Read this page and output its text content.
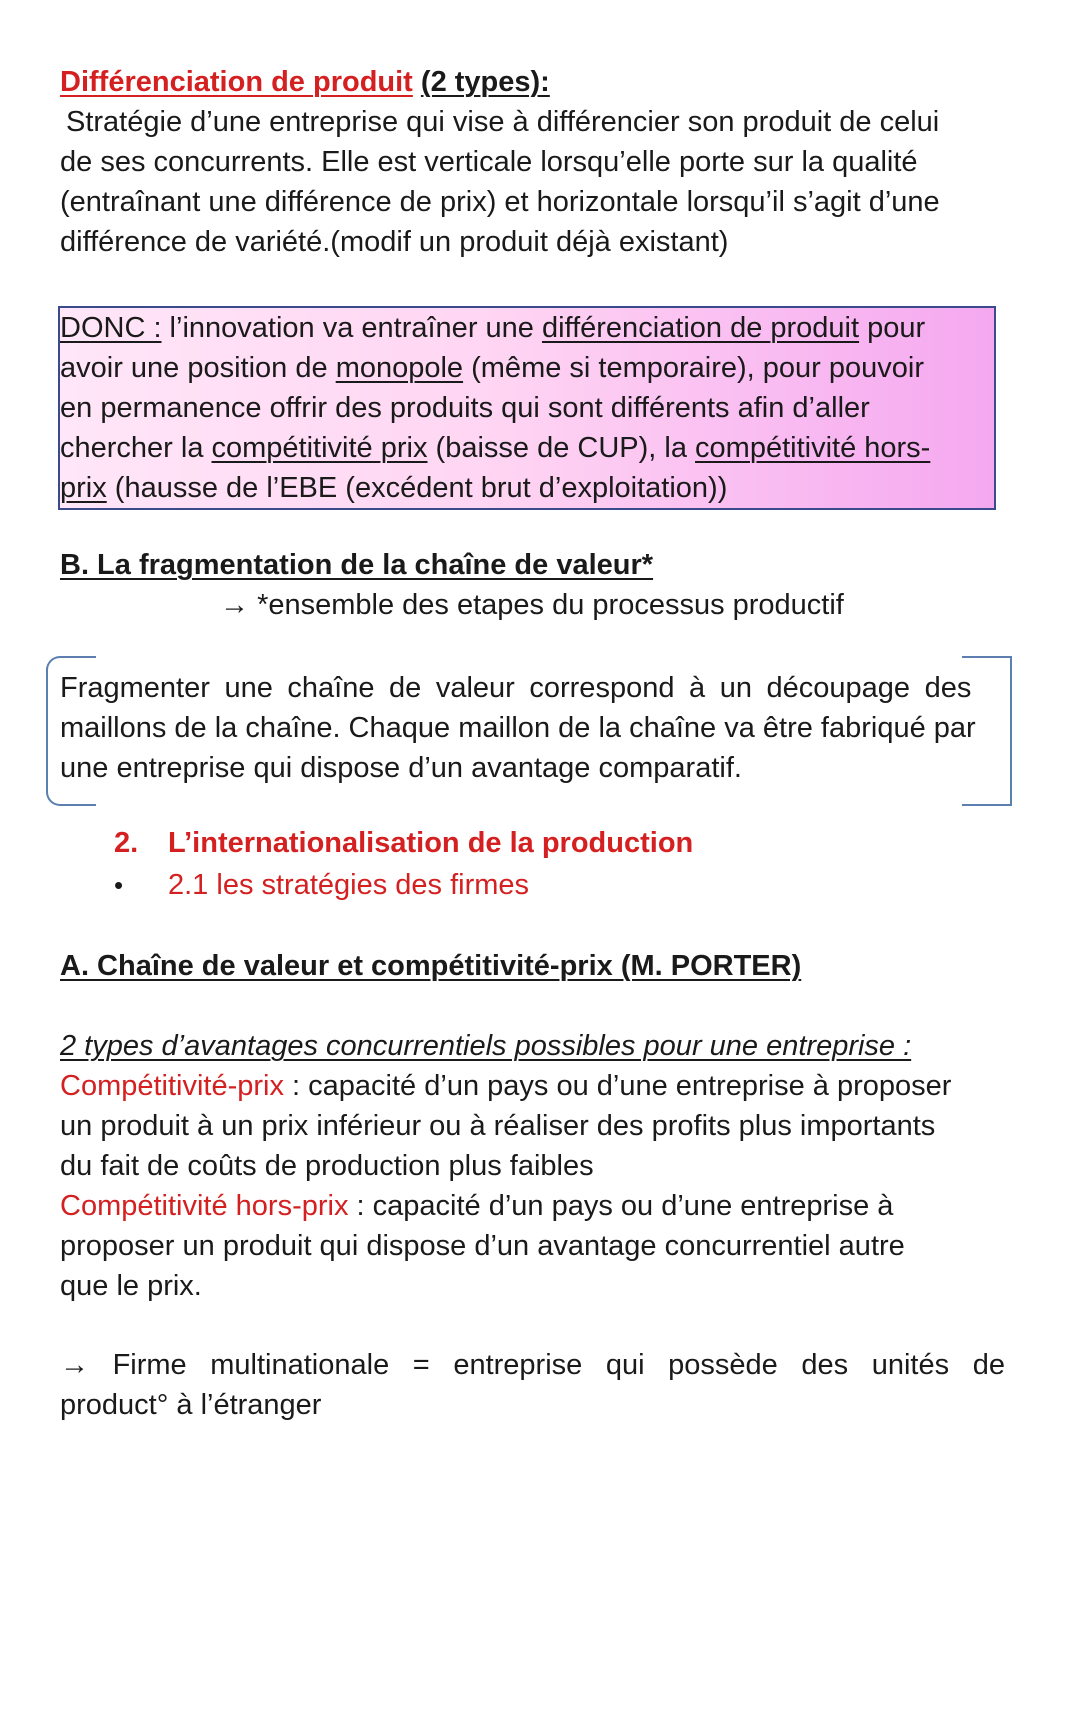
Différenciation de produit (2 types):
Stratégie d’une entreprise qui vise à différencier son produit de celui
de ses concurrents. Elle est verticale lorsqu’elle porte sur la qualité
(entraînant une différence de prix) et horizontale lorsqu’il s’agit d’une
différence de variété.(modif un produit déjà existant)
DONC : l’innovation va entraîner une différenciation de produit pour
avoir une position de monopole (même si temporaire), pour pouvoir
en permanence offrir des produits qui sont différents afin d’aller
chercher la compétitivité prix (baisse de CUP), la compétitivité hors-
prix (hausse de l’EBE (excédent brut d’exploitation))
B. La fragmentation de la chaîne de valeur*
→ *ensemble des etapes du processus productif
Fragmenter une chaîne de valeur correspond à un découpage des
maillons de la chaîne. Chaque maillon de la chaîne va être fabriqué par
une entreprise qui dispose d’un avantage comparatif.
2. L’internationalisation de la production
• 2.1 les stratégies des firmes
A. Chaîne de valeur et compétitivité-prix (M. PORTER)
2 types d’avantages concurrentiels possibles pour une entreprise :
Compétitivité-prix : capacité d’un pays ou d’une entreprise à proposer
un produit à un prix inférieur ou à réaliser des profits plus importants
du fait de coûts de production plus faibles
Compétitivité hors-prix : capacité d’un pays ou d’une entreprise à
proposer un produit qui dispose d’un avantage concurrentiel autre
que le prix.
→ Firme multinationale = entreprise qui possède des unités de
product° à l’étranger
